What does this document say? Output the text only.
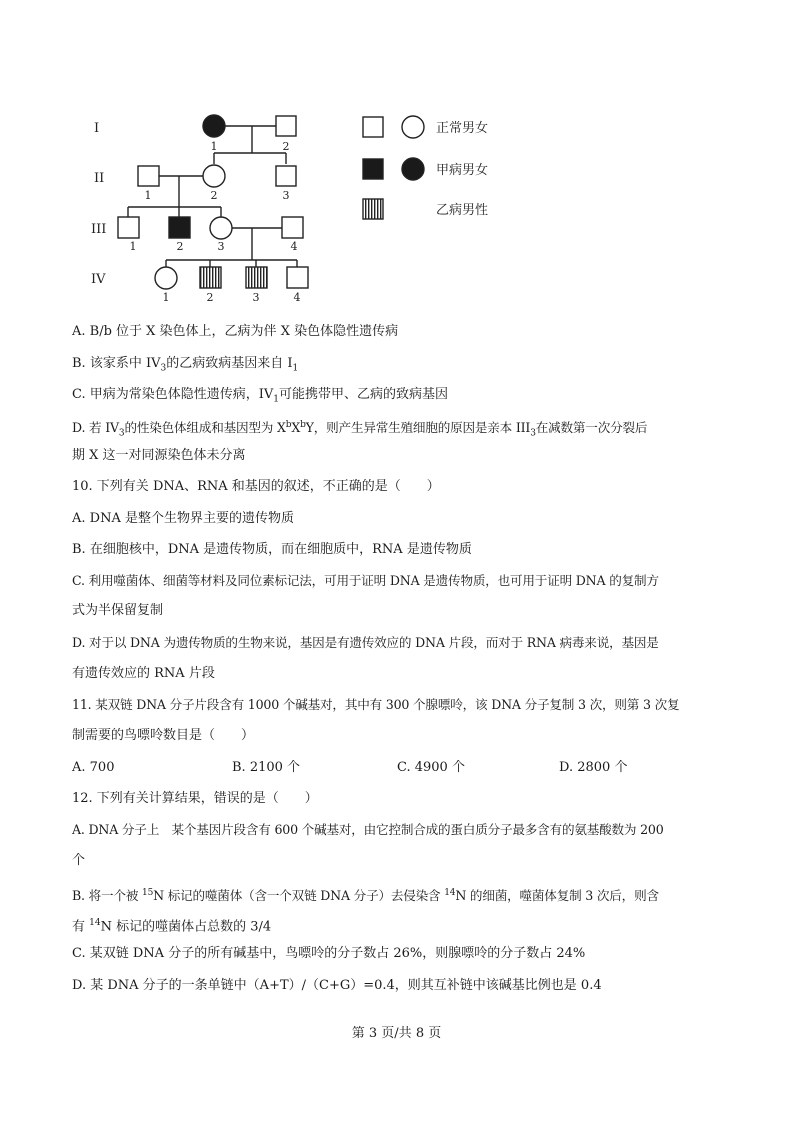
I
II
III
IV
1	2
1	2	3
1	2	3	4
1	2	3	4
正常男女
甲病男女
乙病男性
A. B/b 位于 X 染色体上，乙病为伴 X 染色体隐性遗传病
B. 该家系中 $IV_3$的乙病致病基因来自 $I_1$
C. 甲病为常染色体隐性遗传病，$IV_1$可能携带甲、乙病的致病基因
D. 若 $IV_3$的性染色体组成和基因型为 $X^bX^bY$，则产生异常生殖细胞的原因是亲本 $III_3$在减数第一次分裂后
期 X 这一对同源染色体未分离
10. 下列有关 DNA、RNA 和基因的叙述，不正确的是（　　）
A. DNA 是整个生物界主要的遗传物质
B. 在细胞核中，DNA 是遗传物质，而在细胞质中，RNA 是遗传物质
C. 利用噬菌体、细菌等材料及同位素标记法，可用于证明 DNA 是遗传物质，也可用于证明 DNA 的复制方
式为半保留复制
D. 对于以 DNA 为遗传物质的生物来说，基因是有遗传效应的 DNA 片段，而对于 RNA 病毒来说，基因是
有遗传效应的 RNA 片段
11. 某双链 DNA 分子片段含有 1000 个碱基对，其中有 300 个腺嘌呤，该 DNA 分子复制 3 次，则第 3 次复
制需要的鸟嘌呤数目是（　　）
A. 700	B. 2100 个	C. 4900 个	D. 2800 个
12. 下列有关计算结果，错误的是（　　）
A. DNA 分子上　某个基因片段含有 600 个碱基对，由它控制合成的蛋白质分子最多含有的氨基酸数为 200
个
B. 将一个被 $^{15}$N 标记的噬菌体（含一个双链 DNA 分子）去侵染含 $^{14}$N 的细菌，噬菌体复制 3 次后，则含
有 $^{14}$N 标记的噬菌体占总数的 3/4
C. 某双链 DNA 分子的所有碱基中，鸟嘌呤的分子数占 26%，则腺嘌呤的分子数占 24%
D. 某 DNA 分子的一条单链中（A+T）/（C+G）=0.4，则其互补链中该碱基比例也是 0.4
第 3 页/共 8 页
